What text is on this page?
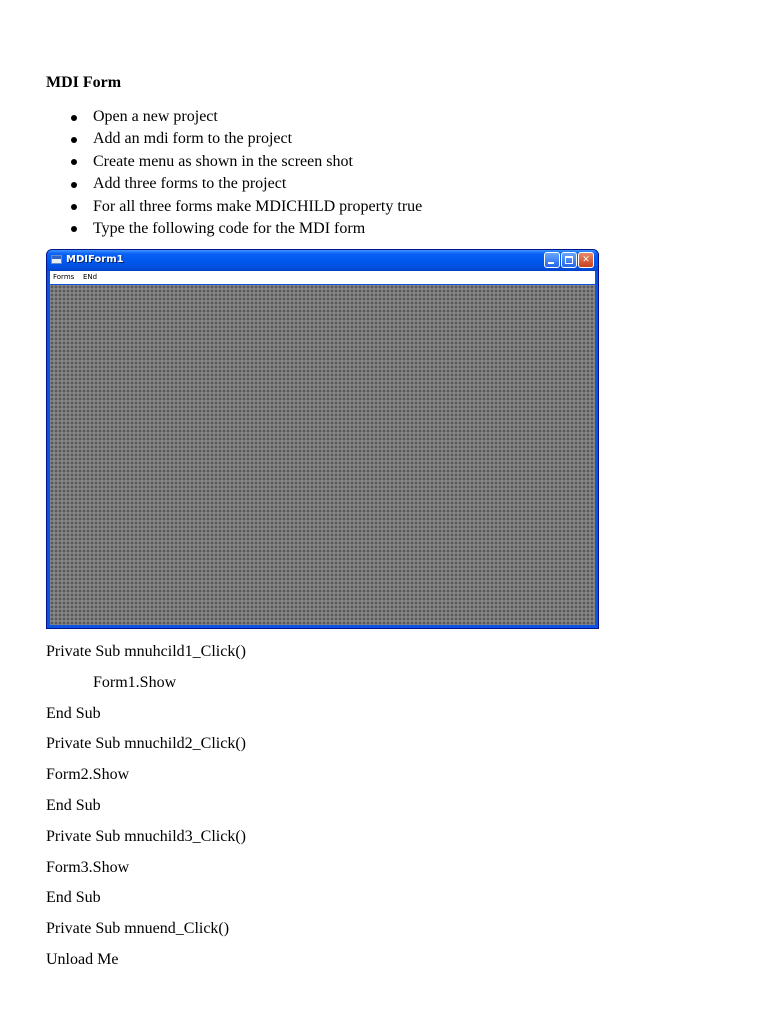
MDI Form
Open a new project
Add an mdi form to the project
Create menu as shown in the screen shot
Add three forms to the project
For all three forms make MDICHILD property true
Type the following code for the MDI form
MDIForm1	✕
Forms ENd

Private Sub mnuhcild1_Click()

Form1.Show

End Sub

Private Sub mnuchild2_Click()

Form2.Show

End Sub

Private Sub mnuchild3_Click()

Form3.Show

End Sub

Private Sub mnuend_Click()

Unload Me
